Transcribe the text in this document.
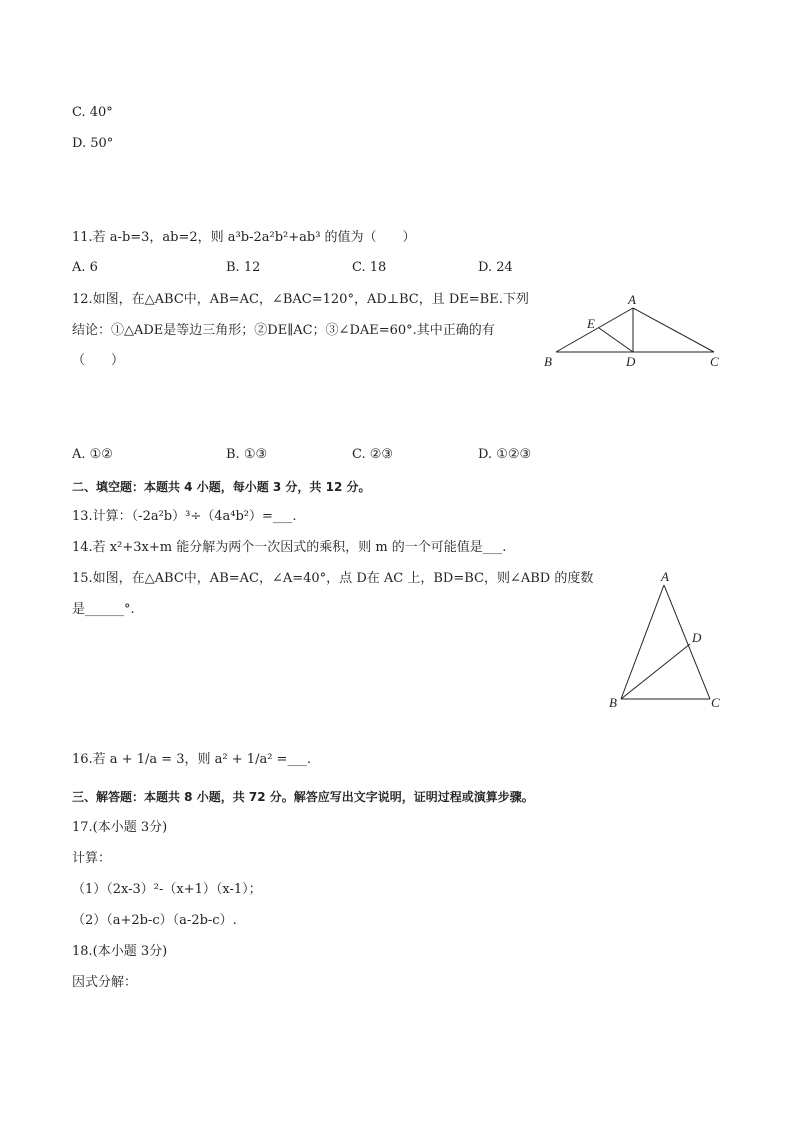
C. 40°
D. 50°
11.若 a-b=3，ab=2，则 a³b-2a²b²+ab³ 的值为（　　）
A. 6	B. 12	C. 18	D. 24
12.如图，在△ABC中，AB=AC，∠BAC=120°，AD⊥BC，且 DE=BE.下列
结论：①△ADE是等边三角形；②DE∥AC；③∠DAE=60°.其中正确的有
（　　）
A
B	C
D
E
A. ①②	B. ①③	C. ②③	D. ①②③
二、填空题：本题共 4 小题，每小题 3 分，共 12 分。
13.计算：（-2a²b）³÷（4a⁴b²）=___.
14.若 x²+3x+m 能分解为两个一次因式的乘积，则 m 的一个可能值是___.
15.如图，在△ABC中，AB=AC，∠A=40°，点 D在 AC 上，BD=BC，则∠ABD 的度数
是______°.
A
B	C
D
16.若 a + 1/a = 3，则 a² + 1/a² =___.
三、解答题：本题共 8 小题，共 72 分。解答应写出文字说明，证明过程或演算步骤。
17.(本小题 3分)
计算：
（1）（2x-3）²-（x+1）（x-1）；
（2）（a+2b-c）（a-2b-c）.
18.(本小题 3分)
因式分解：
